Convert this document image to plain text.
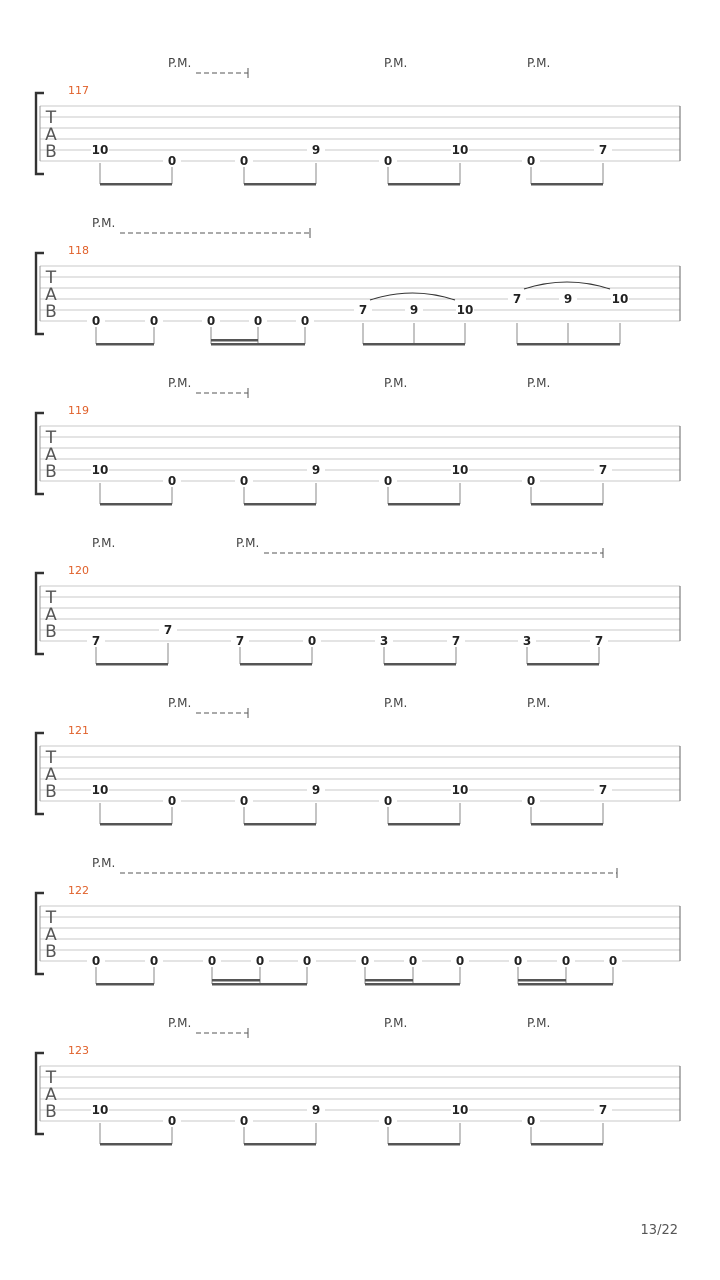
P.M.	P.M.	P.M.
117
T
A
B	10
0	0
9
0
10
0
7
P.M.
118
T
A
B	0	0	0	0	0
7	9	10
7	9	10
P.M.	P.M.	P.M.
119
T
A
B	10
0	0
9
0
10
0
7
P.M.	P.M.
120
T
A
B	7
7
7	0	3	7	3	7
P.M.	P.M.	P.M.
121
T
A
B	10
0	0
9
0
10
0
7
P.M.
122
T
A
B	0	0	0	0	0	0	0	0	0	0	0
P.M.	P.M.	P.M.
123
T
A
B	10
0	0
9
0
10
0
7
13/22
